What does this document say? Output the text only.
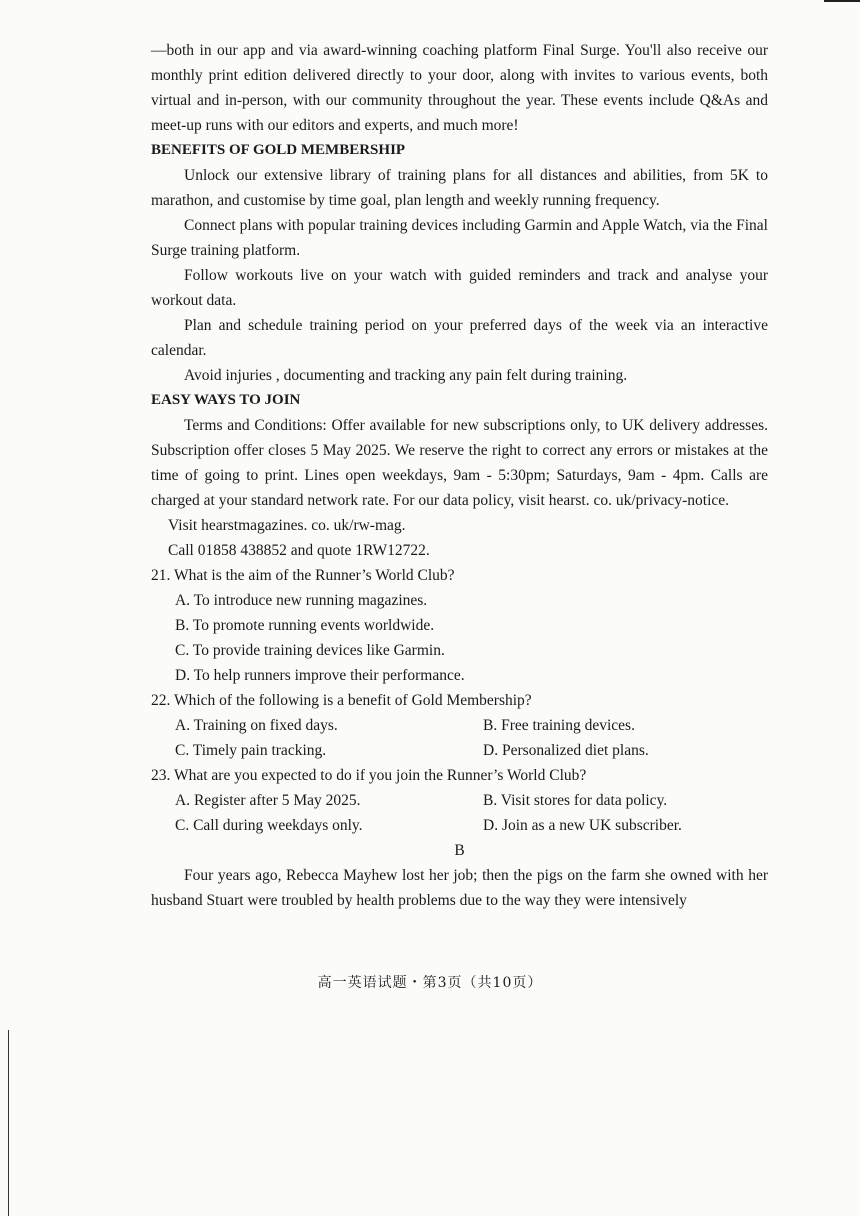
—both in our app and via award-winning coaching platform Final Surge. You'll also receive our monthly print edition delivered directly to your door, along with invites to various events, both virtual and in-person, with our community throughout the year. These events include Q&As and meet-up runs with our editors and experts, and much more!

BENEFITS OF GOLD MEMBERSHIP

Unlock our extensive library of training plans for all distances and abilities, from 5K to marathon, and customise by time goal, plan length and weekly running frequency.

Connect plans with popular training devices including Garmin and Apple Watch, via the Final Surge training platform.

Follow workouts live on your watch with guided reminders and track and analyse your workout data.

Plan and schedule training period on your preferred days of the week via an interactive calendar.

Avoid injuries , documenting and tracking any pain felt during training.

EASY WAYS TO JOIN

Terms and Conditions: Offer available for new subscriptions only, to UK delivery addresses. Subscription offer closes 5 May 2025. We reserve the right to correct any errors or mistakes at the time of going to print. Lines open weekdays, 9am - 5:30pm; Saturdays, 9am - 4pm. Calls are charged at your standard network rate. For our data policy, visit hearst. co. uk/privacy-notice.

Visit hearstmagazines. co. uk/rw-mag.

Call 01858 438852 and quote 1RW12722.

21. What is the aim of the Runner’s World Club?

A. To introduce new running magazines.

B. To promote running events worldwide.

C. To provide training devices like Garmin.

D. To help runners improve their performance.

22. Which of the following is a benefit of Gold Membership?

A. Training on fixed days.	B. Free training devices.
C. Timely pain tracking.	D. Personalized diet plans.

23. What are you expected to do if you join the Runner’s World Club?

A. Register after 5 May 2025.	B. Visit stores for data policy.
C. Call during weekdays only.	D. Join as a new UK subscriber.

B

Four years ago, Rebecca Mayhew lost her job; then the pigs on the farm she owned with her husband Stuart were troubled by health problems due to the way they were intensively

高一英语试题・第3页（共10页）
